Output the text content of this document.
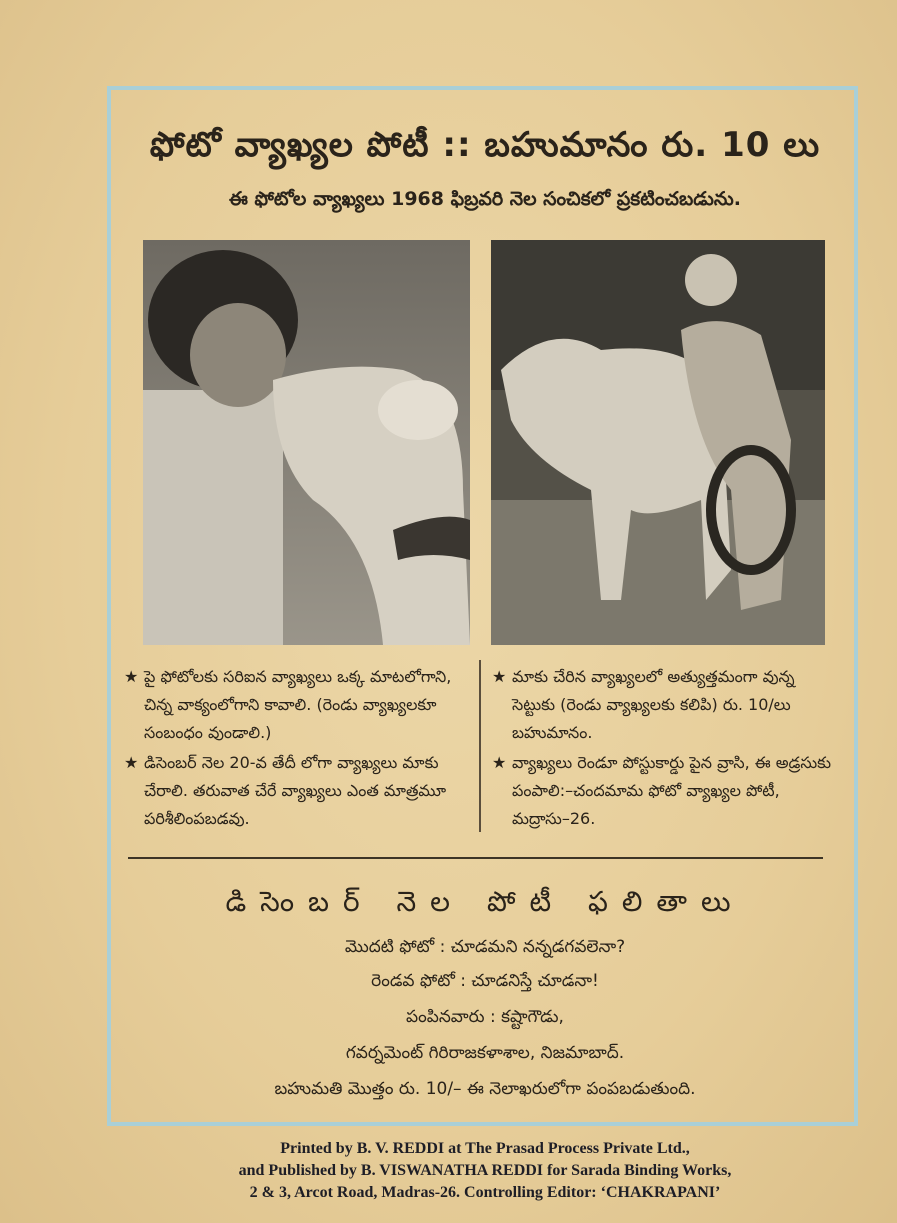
ఫోటో వ్యాఖ్యల పోటీ :: బహుమానం రు. 10 లు
ఈ ఫోటోల వ్యాఖ్యలు 1968 ఫిబ్రవరి నెల సంచికలో ప్రకటించబడును.
★ పై ఫోటోలకు సరిఐన వ్యాఖ్యలు ఒక్క మాటలోగాని, చిన్న వాక్యంలోగాని కావాలి. (రెండు వ్యాఖ్యలకూ సంబంధం వుండాలి.)
★ డిసెంబర్ నెల 20-వ తేదీ లోగా వ్యాఖ్యలు మాకు చేరాలి. తరువాత చేరే వ్యాఖ్యలు ఎంత మాత్రమూ పరిశీలింపబడవు.
★ మాకు చేరిన వ్యాఖ్యలలో అత్యుత్తమంగా వున్న సెట్టుకు (రెండు వ్యాఖ్యలకు కలిపి) రు. 10/లు బహుమానం.
★ వ్యాఖ్యలు రెండూ పోస్టుకార్డు పైన వ్రాసి, ఈ అడ్రసుకు పంపాలి:–చందమామ ఫోటో వ్యాఖ్యల పోటీ, మద్రాసు–26.
డిసెంబర్ నెల పోటీ ఫలితాలు
మొదటి ఫోటో : చూడమని నన్నడగవలెనా?
రెండవ ఫోటో : చూడనిస్తే చూడనా!
పంపినవారు : కష్టాగౌడు,
గవర్నమెంట్ గిరిరాజకళాశాల, నిజమాబాద్.
బహుమతి మొత్తం రు. 10/– ఈ నెలాఖరులోగా పంపబడుతుంది.
Printed by B. V. REDDI at The Prasad Process Private Ltd.,
and Published by B. VISWANATHA REDDI for Sarada Binding Works,
2 & 3, Arcot Road, Madras-26. Controlling Editor: ‘CHAKRAPANI’
